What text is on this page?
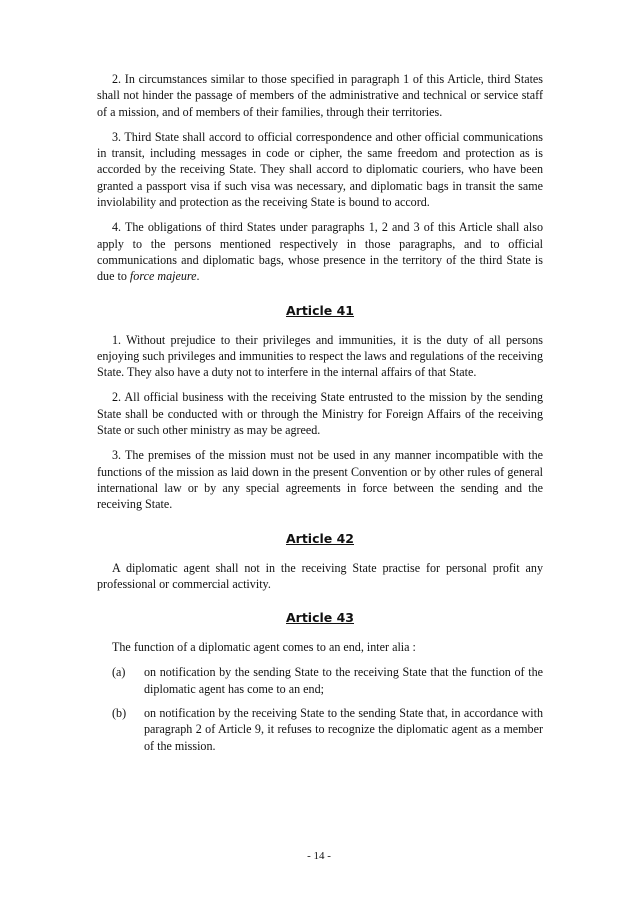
2. In circumstances similar to those specified in paragraph 1 of this Article, third States shall not hinder the passage of members of the administrative and technical or service staff of a mission, and of members of their families, through their territories.

3. Third State shall accord to official correspondence and other official communications in transit, including messages in code or cipher, the same freedom and protection as is accorded by the receiving State. They shall accord to diplomatic couriers, who have been granted a passport visa if such visa was necessary, and diplomatic bags in transit the same inviolability and protection as the receiving State is bound to accord.

4. The obligations of third States under paragraphs 1, 2 and 3 of this Article shall also apply to the persons mentioned respectively in those paragraphs, and to official communications and diplomatic bags, whose presence in the territory of the third State is due to force majeure.

Article 41

1. Without prejudice to their privileges and immunities, it is the duty of all persons enjoying such privileges and immunities to respect the laws and regulations of the receiving State. They also have a duty not to interfere in the internal affairs of that State.

2. All official business with the receiving State entrusted to the mission by the sending State shall be conducted with or through the Ministry for Foreign Affairs of the receiving State or such other ministry as may be agreed.

3. The premises of the mission must not be used in any manner incompatible with the functions of the mission as laid down in the present Convention or by other rules of general international law or by any special agreements in force between the sending and the receiving State.

Article 42

A diplomatic agent shall not in the receiving State practise for personal profit any professional or commercial activity.

Article 43

The function of a diplomatic agent comes to an end, inter alia :

(a)	on notification by the sending State to the receiving State that the function of the diplomatic agent has come to an end;
(b)	on notification by the receiving State to the sending State that, in accordance with paragraph 2 of Article 9, it refuses to recognize the diplomatic agent as a member of the mission.
- 14 -
